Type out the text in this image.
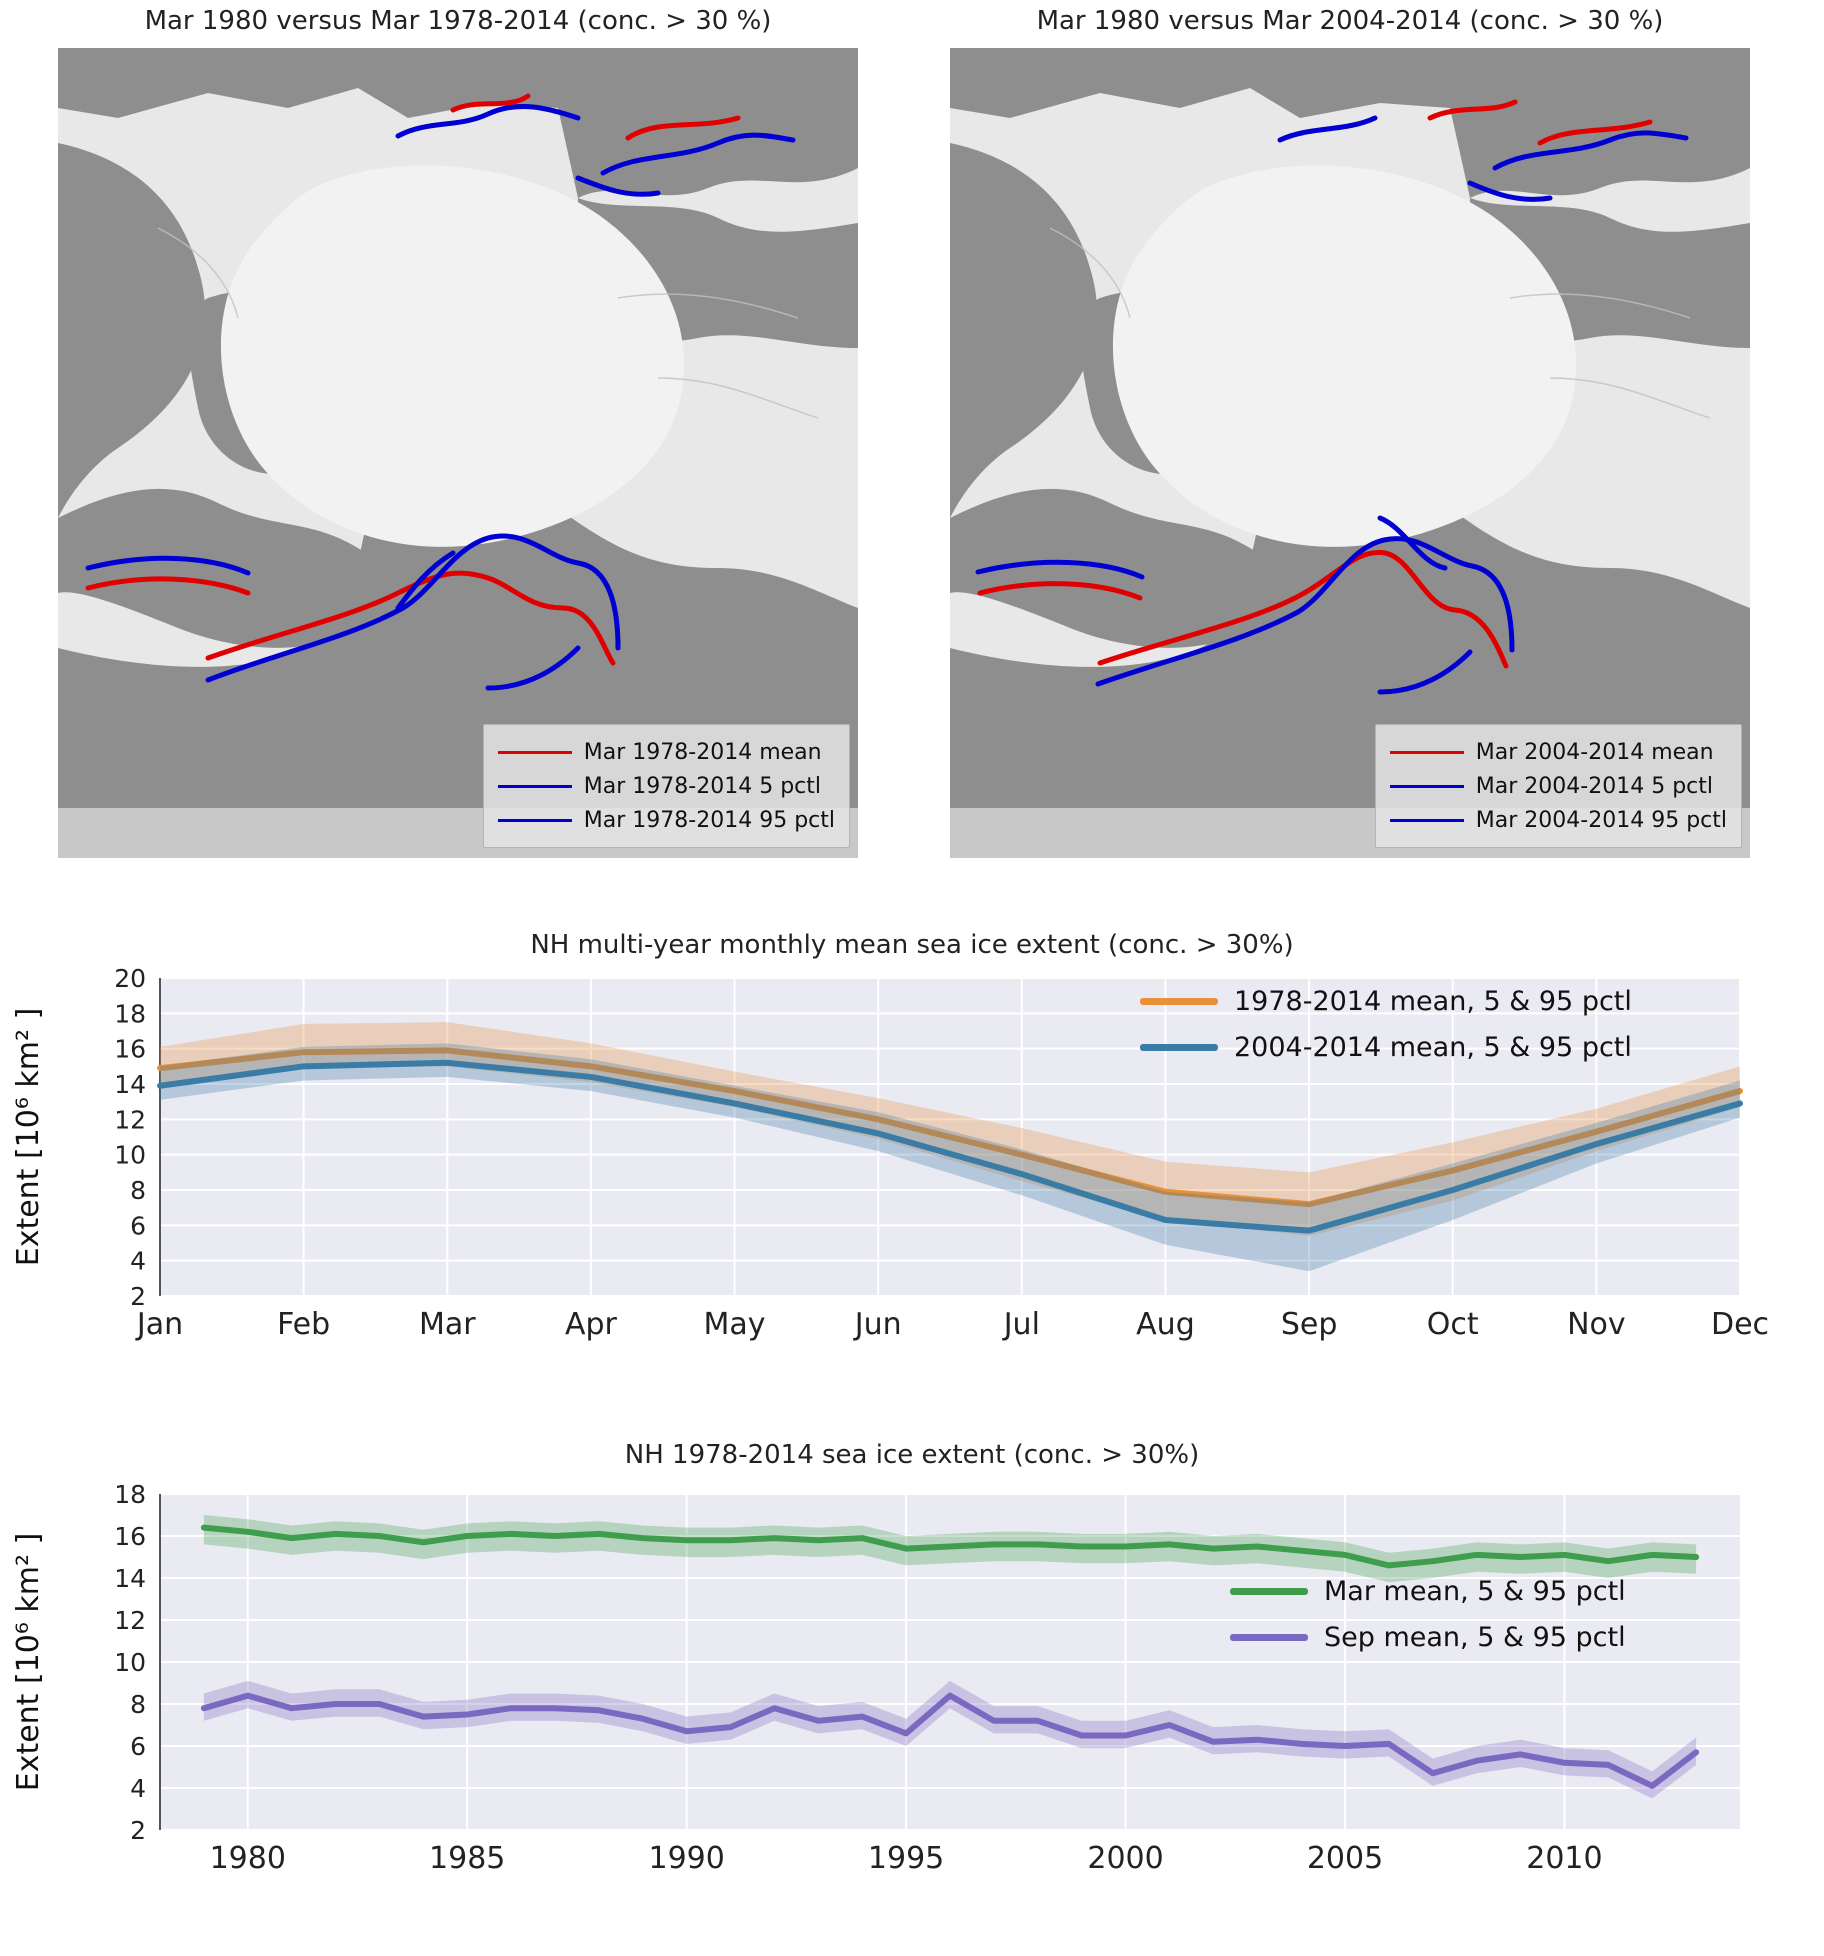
Mar 1980 versus Mar 1978-2014 (conc. > 30 %)
Mar 1978-2014 mean
Mar 1978-2014 5 pctl
Mar 1978-2014 95 pctl
Mar 1980 versus Mar 2004-2014 (conc. > 30 %)
Mar 2004-2014 mean
Mar 2004-2014 5 pctl
Mar 2004-2014 95 pctl
NH multi-year monthly mean sea ice extent (conc. > 30%)
2
4
6
8
10
12
14
16
18
20
Jan	Feb	Mar	Apr	May	Jun	Jul	Aug	Sep	Oct	Nov	Dec
Extent [10⁶ km² ]
1978-2014 mean, 5 & 95 pctl
2004-2014 mean, 5 & 95 pctl
NH 1978-2014 sea ice extent (conc. > 30%)
2
4
6
8
10
12
14
16
18
1980	1985	1990	1995	2000	2005	2010
Extent [10⁶ km² ]	Mar mean, 5 & 95 pctl
Sep mean, 5 & 95 pctl
